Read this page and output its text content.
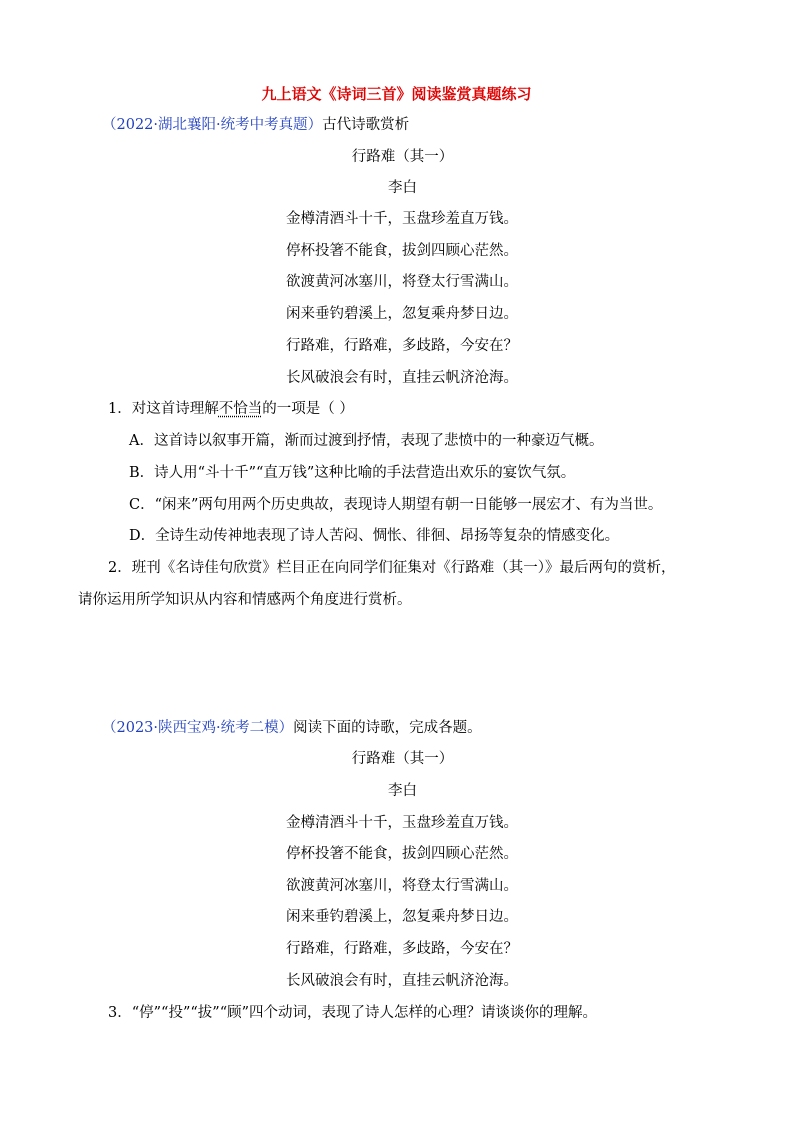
九上语文《诗词三首》阅读鉴赏真题练习
（2022·湖北襄阳·统考中考真题）古代诗歌赏析
行路难（其一）
李白
金樽清酒斗十千，玉盘珍羞直万钱。
停杯投箸不能食，拔剑四顾心茫然。
欲渡黄河冰塞川，将登太行雪满山。
闲来垂钓碧溪上，忽复乘舟梦日边。
行路难，行路难，多歧路，今安在？
长风破浪会有时，直挂云帆济沧海。
1．对这首诗理解不恰当的一项是（ ）
A．这首诗以叙事开篇，渐而过渡到抒情，表现了悲愤中的一种豪迈气概。
B．诗人用“斗十千”“直万钱”这种比喻的手法营造出欢乐的宴饮气氛。
C．“闲来”两句用两个历史典故，表现诗人期望有朝一日能够一展宏才、有为当世。
D．全诗生动传神地表现了诗人苦闷、惆怅、徘徊、昂扬等复杂的情感变化。
2．班刊《名诗佳句欣赏》栏目正在向同学们征集对《行路难（其一）》最后两句的赏析，
请你运用所学知识从内容和情感两个角度进行赏析。
（2023·陕西宝鸡·统考二模）阅读下面的诗歌，完成各题。
行路难（其一）
李白
金樽清酒斗十千，玉盘珍羞直万钱。
停杯投箸不能食，拔剑四顾心茫然。
欲渡黄河冰塞川，将登太行雪满山。
闲来垂钓碧溪上，忽复乘舟梦日边。
行路难，行路难，多歧路，今安在？
长风破浪会有时，直挂云帆济沧海。
3．“停”“投”“拔”“顾”四个动词，表现了诗人怎样的心理？请谈谈你的理解。
